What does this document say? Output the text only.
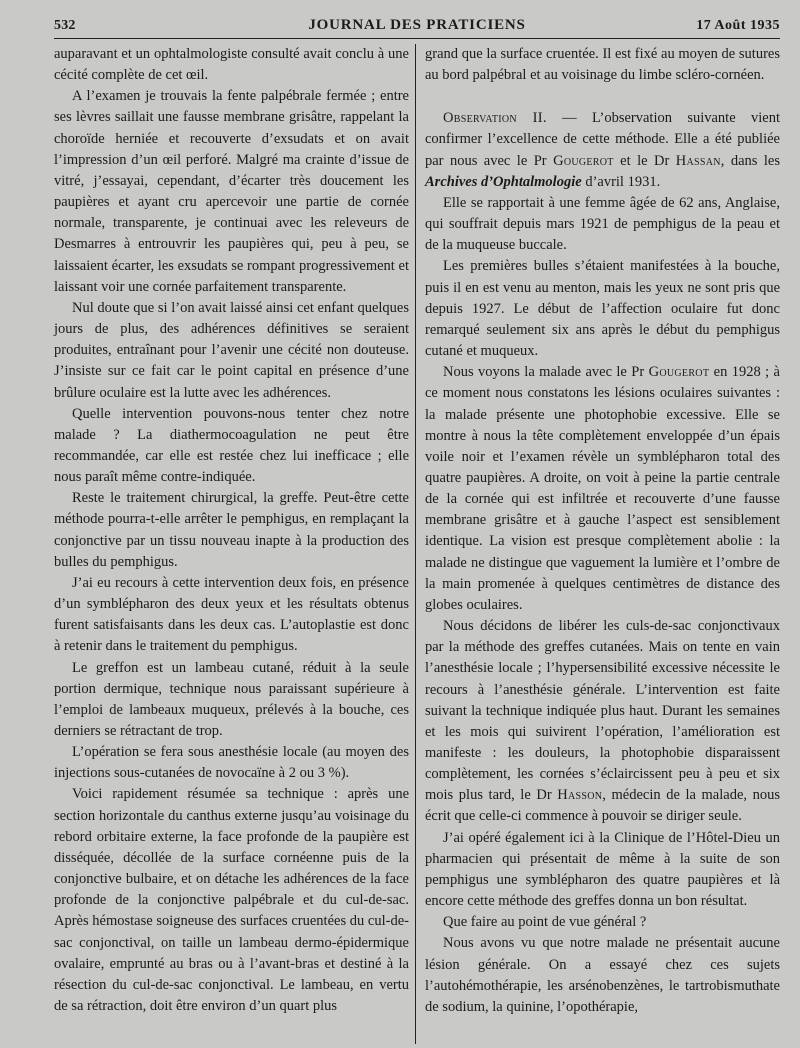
532	JOURNAL DES PRATICIENS	17 Août 1935

auparavant et un ophtalmologiste consulté avait conclu à une cécité complète de cet œil.

A l’examen je trouvais la fente palpébrale fermée ; entre ses lèvres saillait une fausse membrane grisâtre, rappelant la choroïde herniée et recouverte d’exsudats et on avait l’impression d’un œil perforé. Malgré ma crainte d’issue de vitré, j’essayai, cependant, d’écarter très doucement les paupières et ayant cru apercevoir une partie de cornée normale, transparente, je continuai avec les releveurs de Desmarres à entrouvrir les paupières qui, peu à peu, se laissaient écarter, les exsudats se rompant progressivement et laissant voir une cornée parfaitement transparente.

Nul doute que si l’on avait laissé ainsi cet enfant quelques jours de plus, des adhérences définitives se seraient produites, entraînant pour l’avenir une cécité non douteuse. J’insiste sur ce fait car le point capital en présence d’une brûlure oculaire est la lutte avec les adhérences.

Quelle intervention pouvons-nous tenter chez notre malade ? La diathermocoagulation ne peut être recommandée, car elle est restée chez lui inefficace ; elle nous paraît même contre-indiquée.

Reste le traitement chirurgical, la greffe. Peut-être cette méthode pourra-t-elle arrêter le pemphigus, en remplaçant la conjonctive par un tissu nouveau inapte à la production des bulles du pemphigus.

J’ai eu recours à cette intervention deux fois, en présence d’un symblépharon des deux yeux et les résultats obtenus furent satisfaisants dans les deux cas. L’autoplastie est donc à retenir dans le traitement du pemphigus.

Le greffon est un lambeau cutané, réduit à la seule portion dermique, technique nous paraissant supérieure à l’emploi de lambeaux muqueux, prélevés à la bouche, ces derniers se rétractant de trop.

L’opération se fera sous anesthésie locale (au moyen des injections sous-cutanées de novocaïne à 2 ou 3 %).

Voici rapidement résumée sa technique : après une section horizontale du canthus externe jusqu’au voisinage du rebord orbitaire externe, la face profonde de la paupière est disséquée, décollée de la surface cornéenne puis de la conjonctive bulbaire, et on détache les adhérences de la face profonde de la conjonctive palpébrale et du cul-de-sac. Après hémostase soigneuse des surfaces cruentées du cul-de-sac conjonctival, on taille un lambeau dermo-épidermique ovalaire, emprunté au bras ou à l’avant-bras et destiné à la résection du cul-de-sac conjonctival. Le lambeau, en vertu de sa rétraction, doit être environ d’un quart plus

grand que la surface cruentée. Il est fixé au moyen de sutures au bord palpébral et au voisinage du limbe scléro-cornéen.

Observation II. — L’observation suivante vient confirmer l’excellence de cette méthode. Elle a été publiée par nous avec le Pr Gougerot et le Dr Hassan, dans les Archives d’Ophtalmologie d’avril 1931.

Elle se rapportait à une femme âgée de 62 ans, Anglaise, qui souffrait depuis mars 1921 de pemphigus de la peau et de la muqueuse buccale.

Les premières bulles s’étaient manifestées à la bouche, puis il en est venu au menton, mais les yeux ne sont pris que depuis 1927. Le début de l’affection oculaire fut donc remarqué seulement six ans après le début du pemphigus cutané et muqueux.

Nous voyons la malade avec le Pr Gougerot en 1928 ; à ce moment nous constatons les lésions oculaires suivantes : la malade présente une photophobie excessive. Elle se montre à nous la tête complètement enveloppée d’un épais voile noir et l’examen révèle un symblépharon total des quatre paupières. A droite, on voit à peine la partie centrale de la cornée qui est infiltrée et recouverte d’une fausse membrane grisâtre et à gauche l’aspect est sensiblement identique. La vision est presque complètement abolie : la malade ne distingue que vaguement la lumière et l’ombre de la main promenée à quelques centimètres de distance des globes oculaires.

Nous décidons de libérer les culs-de-sac conjonctivaux par la méthode des greffes cutanées. Mais on tente en vain l’anesthésie locale ; l’hypersensibilité excessive nécessite le recours à l’anesthésie générale. L’intervention est faite suivant la technique indiquée plus haut. Durant les semaines et les mois qui suivirent l’opération, l’amélioration est manifeste : les douleurs, la photophobie disparaissent complètement, les cornées s’éclaircissent peu à peu et six mois plus tard, le Dr Hasson, médecin de la malade, nous écrit que celle-ci commence à pouvoir se diriger seule.

J’ai opéré également ici à la Clinique de l’Hôtel-Dieu un pharmacien qui présentait de même à la suite de son pemphigus une symblépharon des quatre paupières et là encore cette méthode des greffes donna un bon résultat.

Que faire au point de vue général ?

Nous avons vu que notre malade ne présentait aucune lésion générale. On a essayé chez ces sujets l’autohémothérapie, les arsénobenzènes, le tartrobismuthate de sodium, la quinine, l’opothérapie,
